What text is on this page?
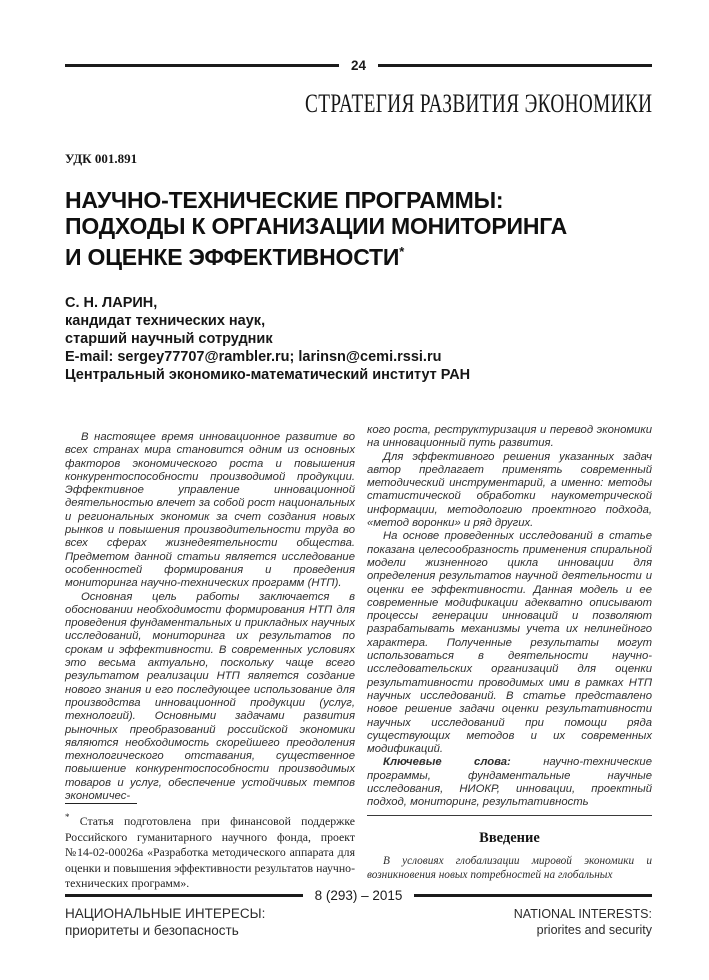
24
СТРАТЕГИЯ РАЗВИТИЯ ЭКОНОМИКИ
УДК 001.891
НАУЧНО-ТЕХНИЧЕСКИЕ ПРОГРАММЫ:
ПОДХОДЫ К ОРГАНИЗАЦИИ МОНИТОРИНГА
И ОЦЕНКЕ ЭФФЕКТИВНОСТИ*
С. Н. ЛАРИН,
кандидат технических наук,
старший научный сотрудник
E-mail: sergey77707@rambler.ru; larinsn@cemi.rssi.ru
Центральный экономико-математический институт РАН

В настоящее время инновационное развитие во всех странах мира становится одним из основных факторов экономического роста и повышения конкурентоспособности производимой продукции. Эффективное управление инновационной деятельностью влечет за собой рост национальных и региональных экономик за счет создания новых рынков и повышения производительности труда во всех сферах жизнедеятельности общества. Предметом данной статьи является исследование особенностей формирования и проведения мониторинга научно-технических программ (НТП).

Основная цель работы заключается в обосновании необходимости формирования НТП для проведения фундаментальных и прикладных научных исследований, мониторинга их результатов по срокам и эффективности. В современных условиях это весьма актуально, поскольку чаще всего результатом реализации НТП является создание нового знания и его последующее использование для производства инновационной продукции (услуг, технологий). Основными задачами развития рыночных преобразований российской экономики являются необходимость скорейшего преодоления технологического отставания, существенное повышение конкурентоспособности производимых товаров и услуг, обеспечение устойчивых темпов экономичес-

* Статья подготовлена при финансовой поддержке Российского гуманитарного научного фонда, проект №14-02-00026а «Разработка методического аппарата для оценки и повышения эффективности результатов научно-технических программ».

кого роста, реструктуризация и перевод экономики на инновационный путь развития.

Для эффективного решения указанных задач автор предлагает применять современный методический инструментарий, а именно: методы статистической обработки наукометрической информации, методологию проектного подхода, «метод воронки» и ряд других.

На основе проведенных исследований в статье показана целесообразность применения спиральной модели жизненного цикла инновации для определения результатов научной деятельности и оценки ее эффективности. Данная модель и ее современные модификации адекватно описывают процессы генерации инноваций и позволяют разрабатывать механизмы учета их нелинейного характера. Полученные результаты могут использоваться в деятельности научно-исследовательских организаций для оценки результативности проводимых ими в рамках НТП научных исследований. В статье представлено новое решение задачи оценки результативности научных исследований при помощи ряда существующих методов и их современных модификаций.

Ключевые слова: научно-технические программы, фундаментальные научные исследования, НИОКР, инновации, проектный подход, мониторинг, результативность

Введение

В условиях глобализации мировой экономики и возникновения новых потребностей на глобальных

8 (293) – 2015
НАЦИОНАЛЬНЫЕ ИНТЕРЕСЫ:
приоритеты и безопасность
NATIONAL INTERESTS:
priorites and security
